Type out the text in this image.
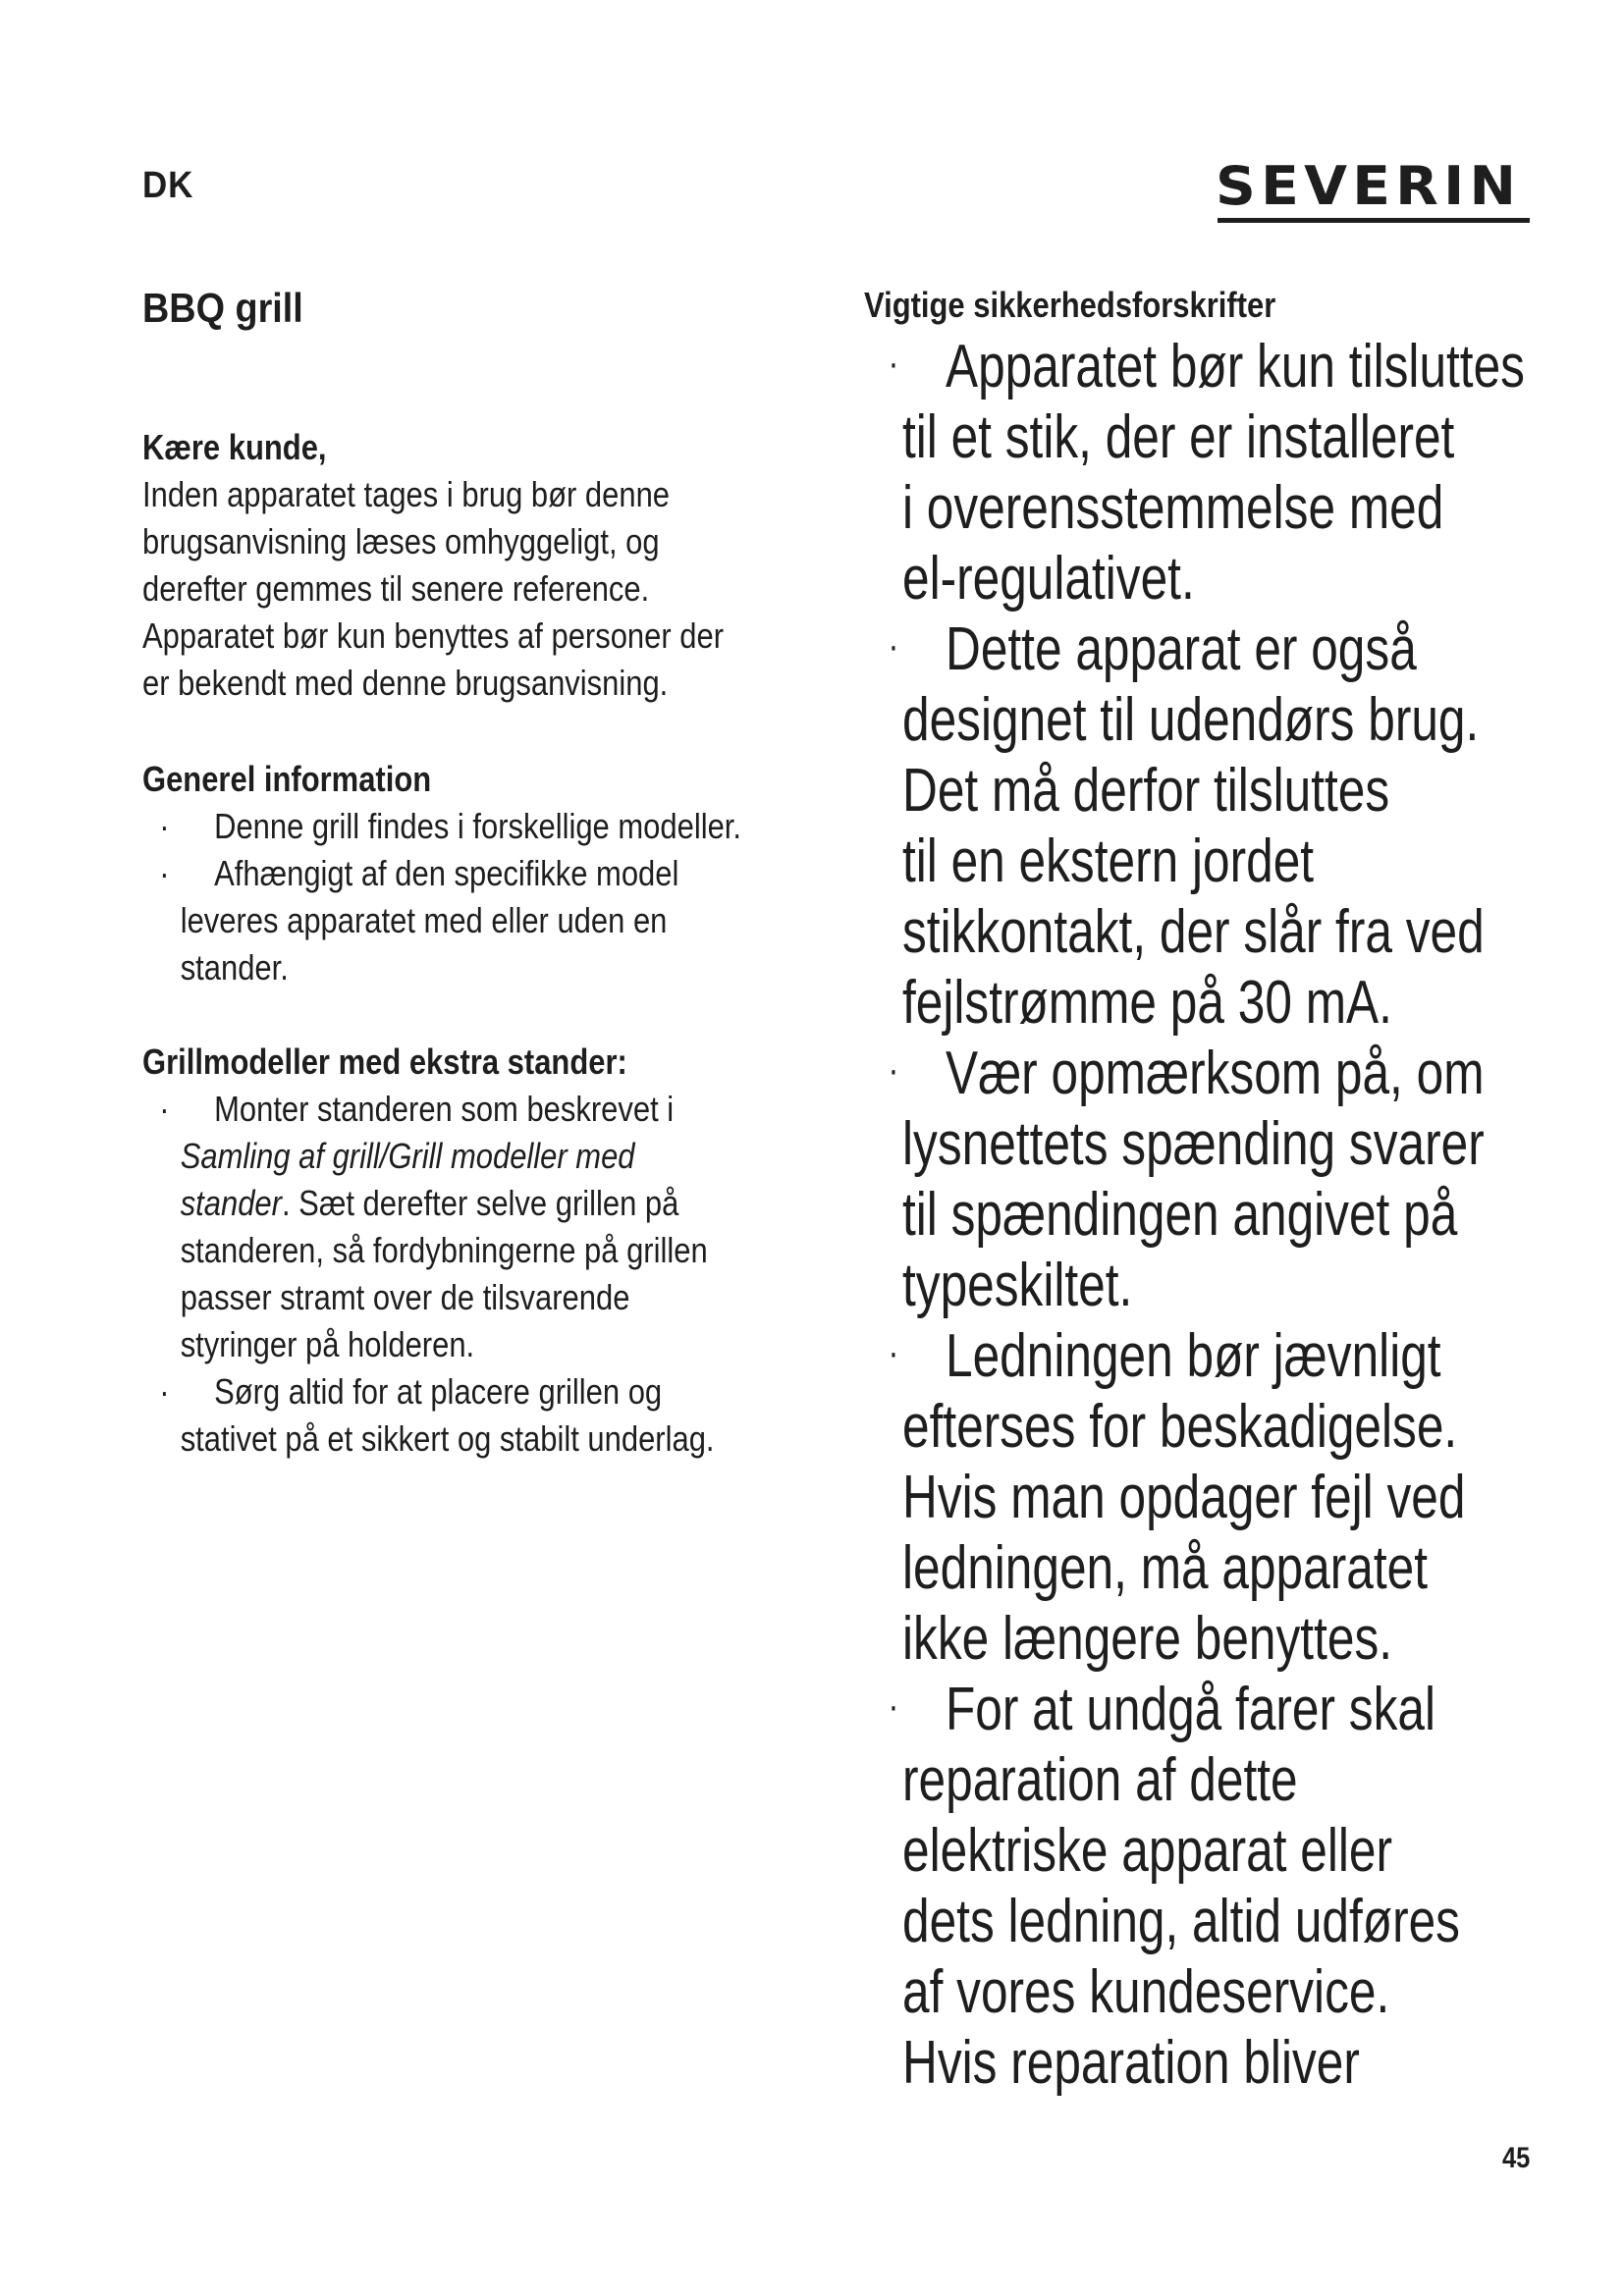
DK	SEVERIN
BBQ grill

Kære kunde,

Inden apparatet tages i brug bør denne

brugsanvisning læses omhyggeligt, og

derefter gemmes til senere reference.

Apparatet bør kun benyttes af personer der

er bekendt med denne brugsanvisning.

Generel information

·	Denne grill findes i forskellige modeller.
·	Afhængigt af den specifikke model
leveres apparatet med eller uden en
stander.

Grillmodeller med ekstra stander:

·	Monter standeren som beskrevet i
Samling af grill/Grill modeller med
stander. Sæt derefter selve grillen på
standeren, så fordybningerne på grillen
passer stramt over de tilsvarende
styringer på holderen.
·	Sørg altid for at placere grillen og
stativet på et sikkert og stabilt underlag.
Vigtige sikkerhedsforskrifter
· Apparatet bør kun tilsluttes
til et stik, der er installeret
i overensstemmelse med
el-regulativet.
· Dette apparat er også
designet til udendørs brug.
Det må derfor tilsluttes
til en ekstern jordet
stikkontakt, der slår fra ved
fejlstrømme på 30 mA.
· Vær opmærksom på, om
lysnettets spænding svarer
til spændingen angivet på
typeskiltet.
· Ledningen bør jævnligt
efterses for beskadigelse.
Hvis man opdager fejl ved
ledningen, må apparatet
ikke længere benyttes.
· For at undgå farer skal
reparation af dette
elektriske apparat eller
dets ledning, altid udføres
af vores kundeservice.
Hvis reparation bliver
45
